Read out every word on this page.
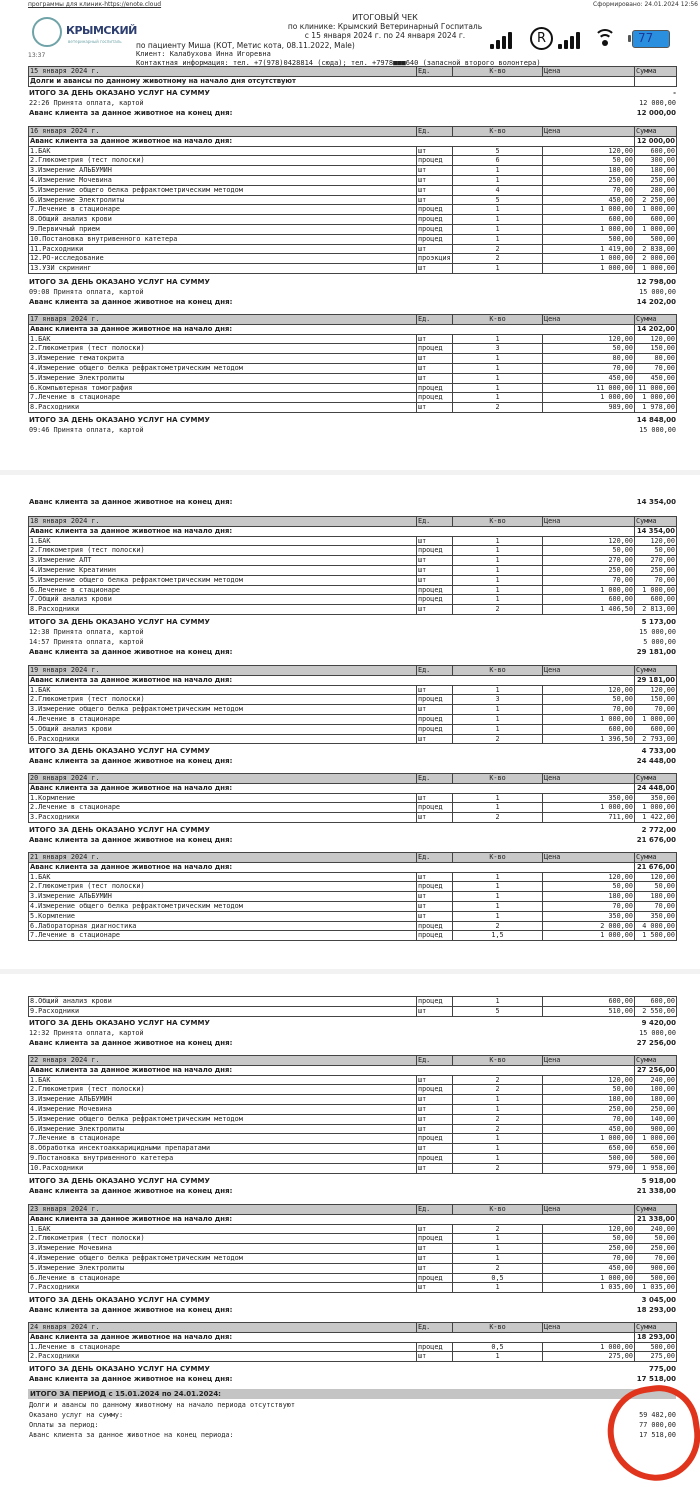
программы для клиник-https://enote.cloud	Сформировано: 24.01.2024 12:56
КРЫМСКИЙ
ветеринарный госпиталь
13:37
ИТОГОВЫЙ ЧЕК
по клинике: Крымский Ветеринарный Госпиталь
с 15 января 2024 г. по 24 января 2024 г.
по пациенту Миша (КОТ, Метис кота, 08.11.2022, Male)
Клиент: Калабухова Инна Игоревна
Контактная информация: тел. +7(978)0428814 (сюда); тел. +7978■■■640 (запасной второго волонтера)
R	77
15 января 2024 г.	Ед.	К-во	Цена	Сумма
Долги и авансы по данному животному на начало дня отсутствуют				
ИТОГО ЗА ДЕНЬ ОКАЗАНО УСЛУГ НА СУММУ	-
22:26 Принята оплата, картой	12 000,00
Аванс клиента за данное животное на конец дня:	12 000,00
16 января 2024 г.	Ед.	К-во	Цена	Сумма
Аванс клиента за данное животное на начало дня:				12 000,00
1.БАК	шт	5	120,00	600,00
2.Глюкометрия (тест полоски)	процед	6	50,00	300,00
3.Измерение АЛЬБУМИН	шт	1	180,00	180,00
4.Измерение Мочевина	шт	1	250,00	250,00
5.Измерение общего белка рефрактометрическим методом	шт	4	70,00	280,00
6.Измерение Электролиты	шт	5	450,00	2 250,00
7.Лечение в стационаре	процед	1	1 000,00	1 000,00
8.Общий анализ крови	процед	1	600,00	600,00
9.Первичный прием	процед	1	1 000,00	1 000,00
10.Постановка внутривенного катетера	процед	1	500,00	500,00
11.Расходники	шт	2	1 419,00	2 838,00
12.РО-исследование	проэкция	2	1 000,00	2 000,00
13.УЗИ скрининг	шт	1	1 000,00	1 000,00
ИТОГО ЗА ДЕНЬ ОКАЗАНО УСЛУГ НА СУММУ	12 798,00
09:08 Принята оплата, картой	15 000,00
Аванс клиента за данное животное на конец дня:	14 202,00
17 января 2024 г.	Ед.	К-во	Цена	Сумма
Аванс клиента за данное животное на начало дня:				14 202,00
1.БАК	шт	1	120,00	120,00
2.Глюкометрия (тест полоски)	процед	3	50,00	150,00
3.Измерение гематокрита	шт	1	80,00	80,00
4.Измерение общего белка рефрактометрическим методом	шт	1	70,00	70,00
5.Измерение Электролиты	шт	1	450,00	450,00
6.Компьютерная томография	процед	1	11 000,00	11 000,00
7.Лечение в стационаре	процед	1	1 000,00	1 000,00
8.Расходники	шт	2	989,00	1 978,00
ИТОГО ЗА ДЕНЬ ОКАЗАНО УСЛУГ НА СУММУ	14 848,00
09:46 Принята оплата, картой	15 000,00
Аванс клиента за данное животное на конец дня:	14 354,00
18 января 2024 г.	Ед.	К-во	Цена	Сумма
Аванс клиента за данное животное на начало дня:				14 354,00
1.БАК	шт	1	120,00	120,00
2.Глюкометрия (тест полоски)	процед	1	50,00	50,00
3.Измерение АЛТ	шт	1	270,00	270,00
4.Измерение Креатинин	шт	1	250,00	250,00
5.Измерение общего белка рефрактометрическим методом	шт	1	70,00	70,00
6.Лечение в стационаре	процед	1	1 000,00	1 000,00
7.Общий анализ крови	процед	1	600,00	600,00
8.Расходники	шт	2	1 406,50	2 813,00
ИТОГО ЗА ДЕНЬ ОКАЗАНО УСЛУГ НА СУММУ	5 173,00
12:38 Принята оплата, картой	15 000,00
14:57 Принята оплата, картой	5 000,00
Аванс клиента за данное животное на конец дня:	29 181,00
19 января 2024 г.	Ед.	К-во	Цена	Сумма
Аванс клиента за данное животное на начало дня:				29 181,00
1.БАК	шт	1	120,00	120,00
2.Глюкометрия (тест полоски)	процед	3	50,00	150,00
3.Измерение общего белка рефрактометрическим методом	шт	1	70,00	70,00
4.Лечение в стационаре	процед	1	1 000,00	1 000,00
5.Общий анализ крови	процед	1	600,00	600,00
6.Расходники	шт	2	1 396,50	2 793,00
ИТОГО ЗА ДЕНЬ ОКАЗАНО УСЛУГ НА СУММУ	4 733,00
Аванс клиента за данное животное на конец дня:	24 448,00
20 января 2024 г.	Ед.	К-во	Цена	Сумма
Аванс клиента за данное животное на начало дня:				24 448,00
1.Кормление	шт	1	350,00	350,00
2.Лечение в стационаре	процед	1	1 000,00	1 000,00
3.Расходники	шт	2	711,00	1 422,00
ИТОГО ЗА ДЕНЬ ОКАЗАНО УСЛУГ НА СУММУ	2 772,00
Аванс клиента за данное животное на конец дня:	21 676,00
21 января 2024 г.	Ед.	К-во	Цена	Сумма
Аванс клиента за данное животное на начало дня:				21 676,00
1.БАК	шт	1	120,00	120,00
2.Глюкометрия (тест полоски)	процед	1	50,00	50,00
3.Измерение АЛЬБУМИН	шт	1	180,00	180,00
4.Измерение общего белка рефрактометрическим методом	шт	1	70,00	70,00
5.Кормление	шт	1	350,00	350,00
6.Лабораторная диагностика	процед	2	2 000,00	4 000,00
7.Лечение в стационаре	процед	1,5	1 000,00	1 500,00
8.Общий анализ крови	процед	1	600,00	600,00
9.Расходники	шт	5	510,00	2 550,00
ИТОГО ЗА ДЕНЬ ОКАЗАНО УСЛУГ НА СУММУ	9 420,00
12:32 Принята оплата, картой	15 000,00
Аванс клиента за данное животное на конец дня:	27 256,00
22 января 2024 г.	Ед.	К-во	Цена	Сумма
Аванс клиента за данное животное на начало дня:				27 256,00
1.БАК	шт	2	120,00	240,00
2.Глюкометрия (тест полоски)	процед	2	50,00	100,00
3.Измерение АЛЬБУМИН	шт	1	180,00	180,00
4.Измерение Мочевина	шт	1	250,00	250,00
5.Измерение общего белка рефрактометрическим методом	шт	2	70,00	140,00
6.Измерение Электролиты	шт	2	450,00	900,00
7.Лечение в стационаре	процед	1	1 000,00	1 000,00
8.Обработка инсектоаккарицидными препаратами	шт	1	650,00	650,00
9.Постановка внутривенного катетера	процед	1	500,00	500,00
10.Расходники	шт	2	979,00	1 958,00
ИТОГО ЗА ДЕНЬ ОКАЗАНО УСЛУГ НА СУММУ	5 918,00
Аванс клиента за данное животное на конец дня:	21 338,00
23 января 2024 г.	Ед.	К-во	Цена	Сумма
Аванс клиента за данное животное на начало дня:				21 338,00
1.БАК	шт	2	120,00	240,00
2.Глюкометрия (тест полоски)	процед	1	50,00	50,00
3.Измерение Мочевина	шт	1	250,00	250,00
4.Измерение общего белка рефрактометрическим методом	шт	1	70,00	70,00
5.Измерение Электролиты	шт	2	450,00	900,00
6.Лечение в стационаре	процед	0,5	1 000,00	500,00
7.Расходники	шт	1	1 035,00	1 035,00
ИТОГО ЗА ДЕНЬ ОКАЗАНО УСЛУГ НА СУММУ	3 045,00
Аванс клиента за данное животное на конец дня:	18 293,00
24 января 2024 г.	Ед.	К-во	Цена	Сумма
Аванс клиента за данное животное на начало дня:				18 293,00
1.Лечение в стационаре	процед	0,5	1 000,00	500,00
2.Расходники	шт	1	275,00	275,00
ИТОГО ЗА ДЕНЬ ОКАЗАНО УСЛУГ НА СУММУ	775,00
Аванс клиента за данное животное на конец дня:	17 518,00
ИТОГО ЗА ПЕРИОД с 15.01.2024 по 24.01.2024:
Долги и авансы по данному животному на начало периода отсутствуют
Оказано услуг на сумму:	59 482,00
Оплаты за период:	77 000,00
Аванс клиента за данное животное на конец периода:	17 518,00
